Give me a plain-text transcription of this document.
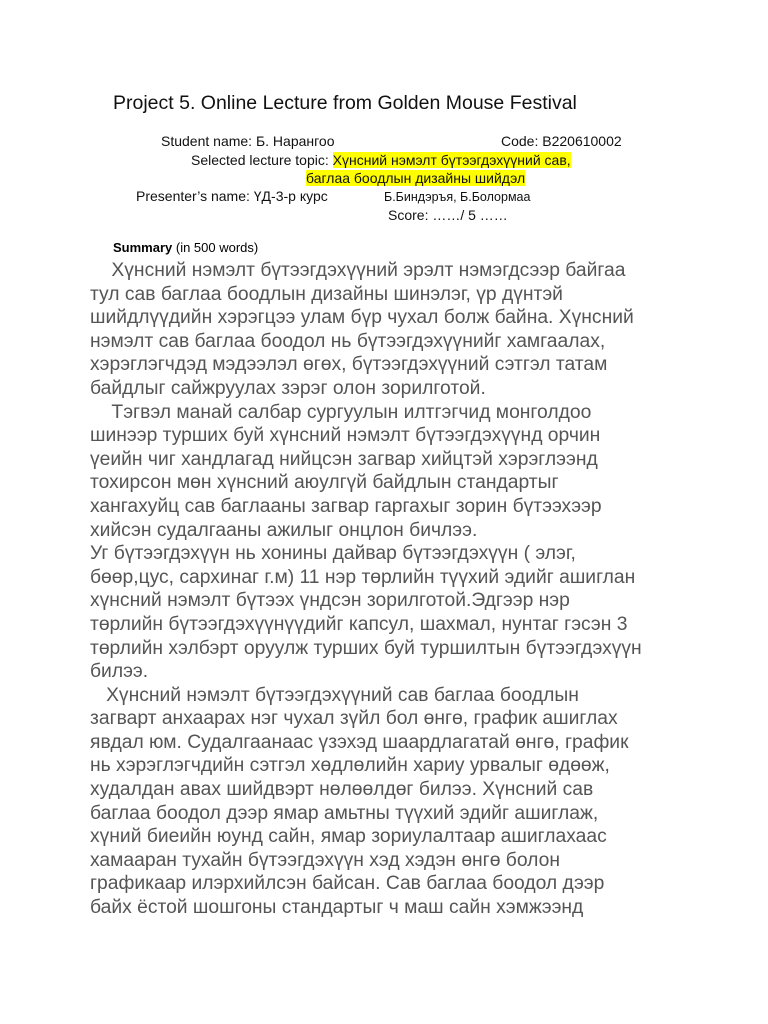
Project 5. Online Lecture from Golden Mouse Festival
Student name: Б. Нарангоо	Code: B220610002
Selected lecture topic: Хүнсний нэмэлт бүтээгдэхүүний сав,
баглаа боодлын дизайны шийдэл
Presenter’s name: ҮД-3-р курс	Б.Биндэръя, Б.Болормаа
Score: ……/ 5 ……
Summary (in 500 words)

Хүнсний нэмэлт бүтээгдэхүүний эрэлт нэмэгдсээр байгаа

тул сав баглаа боодлын дизайны шинэлэг, үр дүнтэй

шийдлүүдийн хэрэгцээ улам бүр чухал болж байна. Хүнсний

нэмэлт сав баглаа боодол нь бүтээгдэхүүнийг хамгаалах,

хэрэглэгчдэд мэдээлэл өгөх, бүтээгдэхүүний сэтгэл татам

байдлыг сайжруулах зэрэг олон зорилготой.

Тэгвэл манай салбар сургуулын илтгэгчид монголдоо

шинээр турших буй хүнсний нэмэлт бүтээгдэхүүнд орчин

үеийн чиг хандлагад нийцсэн загвар хийцтэй хэрэглээнд

тохирсон мөн хүнсний аюулгүй байдлын стандартыг

хангахуйц сав баглааны загвар гаргахыг зорин бүтээхээр

хийсэн судалгааны ажилыг онцлон бичлээ.

Уг бүтээгдэхүүн нь хонины дайвар бүтээгдэхүүн ( элэг,

бөөр,цус, сархинаг г.м) 11 нэр төрлийн түүхий эдийг ашиглан

хүнсний нэмэлт бүтээх үндсэн зорилготой.Эдгээр нэр

төрлийн бүтээгдэхүүнүүдийг капсул, шахмал, нунтаг гэсэн 3

төрлийн хэлбэрт оруулж турших буй туршилтын бүтээгдэхүүн

билээ.

Хүнсний нэмэлт бүтээгдэхүүний сав баглаа боодлын

загварт анхаарах нэг чухал зүйл бол өнгө, график ашиглах

явдал юм. Судалгаанаас үзэхэд шаардлагатай өнгө, график

нь хэрэглэгчдийн сэтгэл хөдлөлийн хариу урвалыг өдөөж,

худалдан авах шийдвэрт нөлөөлдөг билээ. Хүнсний сав

баглаа боодол дээр ямар амьтны түүхий эдийг ашиглаж,

хүний биеийн юунд сайн, ямар зориулалтаар ашиглахаас

хамааран тухайн бүтээгдэхүүн хэд хэдэн өнгө болон

графикаар илэрхийлсэн байсан. Сав баглаа боодол дээр

байх ёстой шошгоны стандартыг ч маш сайн хэмжээнд
